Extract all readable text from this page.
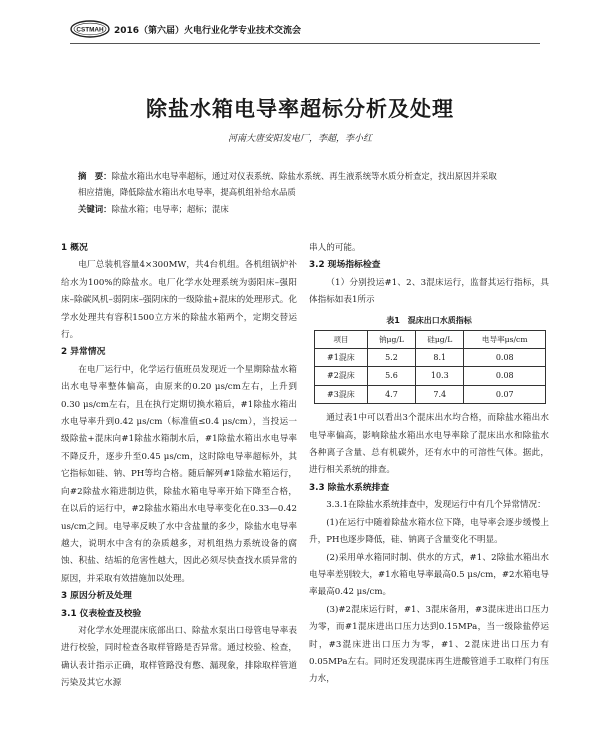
CSTMAH 2016（第六届）火电行业化学专业技术交流会
除盐水箱电导率超标分析及处理
河南大唐安阳发电厂，李超，李小红
摘　要：除盐水箱出水电导率超标，通过对仪表系统、除盐水系统、再生液系统等水质分析查定，找出原因并采取
相应措施，降低除盐水箱出水电导率，提高机组补给水品质
关键词：除盐水箱；电导率；超标；混床
1 概况

电厂总装机容量4×300MW，共4台机组。各机组锅炉补给水为100%的除盐水。电厂化学水处理系统为弱阳床–强阳床–除碳风机–弱阴床–强阴床的一级除盐+混床的处理形式。化学水处理共有容积1500立方米的除盐水箱两个，定期交替运行。

2 异常情况

在电厂运行中，化学运行值班员发现近一个星期除盐水箱出水电导率整体偏高，由原来的0.20 μs/cm左右，上升到0.30 μs/cm左右，且在执行定期切换水箱后，#1除盐水箱出水电导率升到0.42 μs/cm（标准值≤0.4 μs/cm），当投运一级除盐+混床向#1除盐水箱制水后，#1除盐水箱出水电导率不降反升，逐步升至0.45 μs/cm，这时除电导率超标外，其它指标如硅、钠、PH等均合格。随后解列#1除盐水箱运行，向#2除盐水箱进制边供，除盐水箱电导率开始下降至合格，在以后的运行中，#2除盐水箱出水电导率变化在0.33—0.42 us/cm之间。电导率反映了水中含盐量的多少，除盐水电导率越大，说明水中含有的杂质越多，对机组热力系统设备的腐蚀、积盐、结垢的危害性越大，因此必须尽快查找水质异常的原因，并采取有效措施加以处理。

3 原因分析及处理
3.1 仪表检查及校验

对化学水处理混床底部出口、除盐水泵出口母管电导率表进行校验，同时检查各取样管路是否异常。通过校验、检查，确认表计指示正确，取样管路没有憋、漏现象，排除取样管道污染及其它水源

串人的可能。

3.2 现场指标检查

（1）分别投运#1、2、3混床运行，监督其运行指标，具体指标如表1所示

表1　混床出口水质指标
项目	钠μg/L	硅μg/L	电导率μs/cm
#1混床	5.2	8.1	0.08
#2混床	5.6	10.3	0.08
#3混床	4.7	7.4	0.07

通过表1中可以看出3个混床出水均合格，而除盐水箱出水电导率偏高，影响除盐水箱出水电导率除了混床出水和除盐水各种离子含量、总有机碳外，还有水中的可溶性气体。据此，进行相关系统的排查。

3.3 除盐水系统排查

3.3.1在除盐水系统排查中，发现运行中有几个异常情况：

(1)在运行中随着除盐水箱水位下降，电导率会逐步缓慢上升，PH也逐步降低，硅、钠离子含量变化不明显。

(2)采用单水箱同时制、供水的方式，#1、2除盐水箱出水电导率差别较大，#1水箱电导率最高0.5 μs/cm，#2水箱电导率最高0.42 μs/cm。

(3)#2混床运行时，#1、3混床备用，#3混床进出口压力为零，而#1混床进出口压力达到0.15MPa，当一级除盐停运时，#3混床进出口压力为零，#1、2混床进出口压力有0.05MPa左右。同时还发现混床再生进酸管道手工取样门有压力水，
